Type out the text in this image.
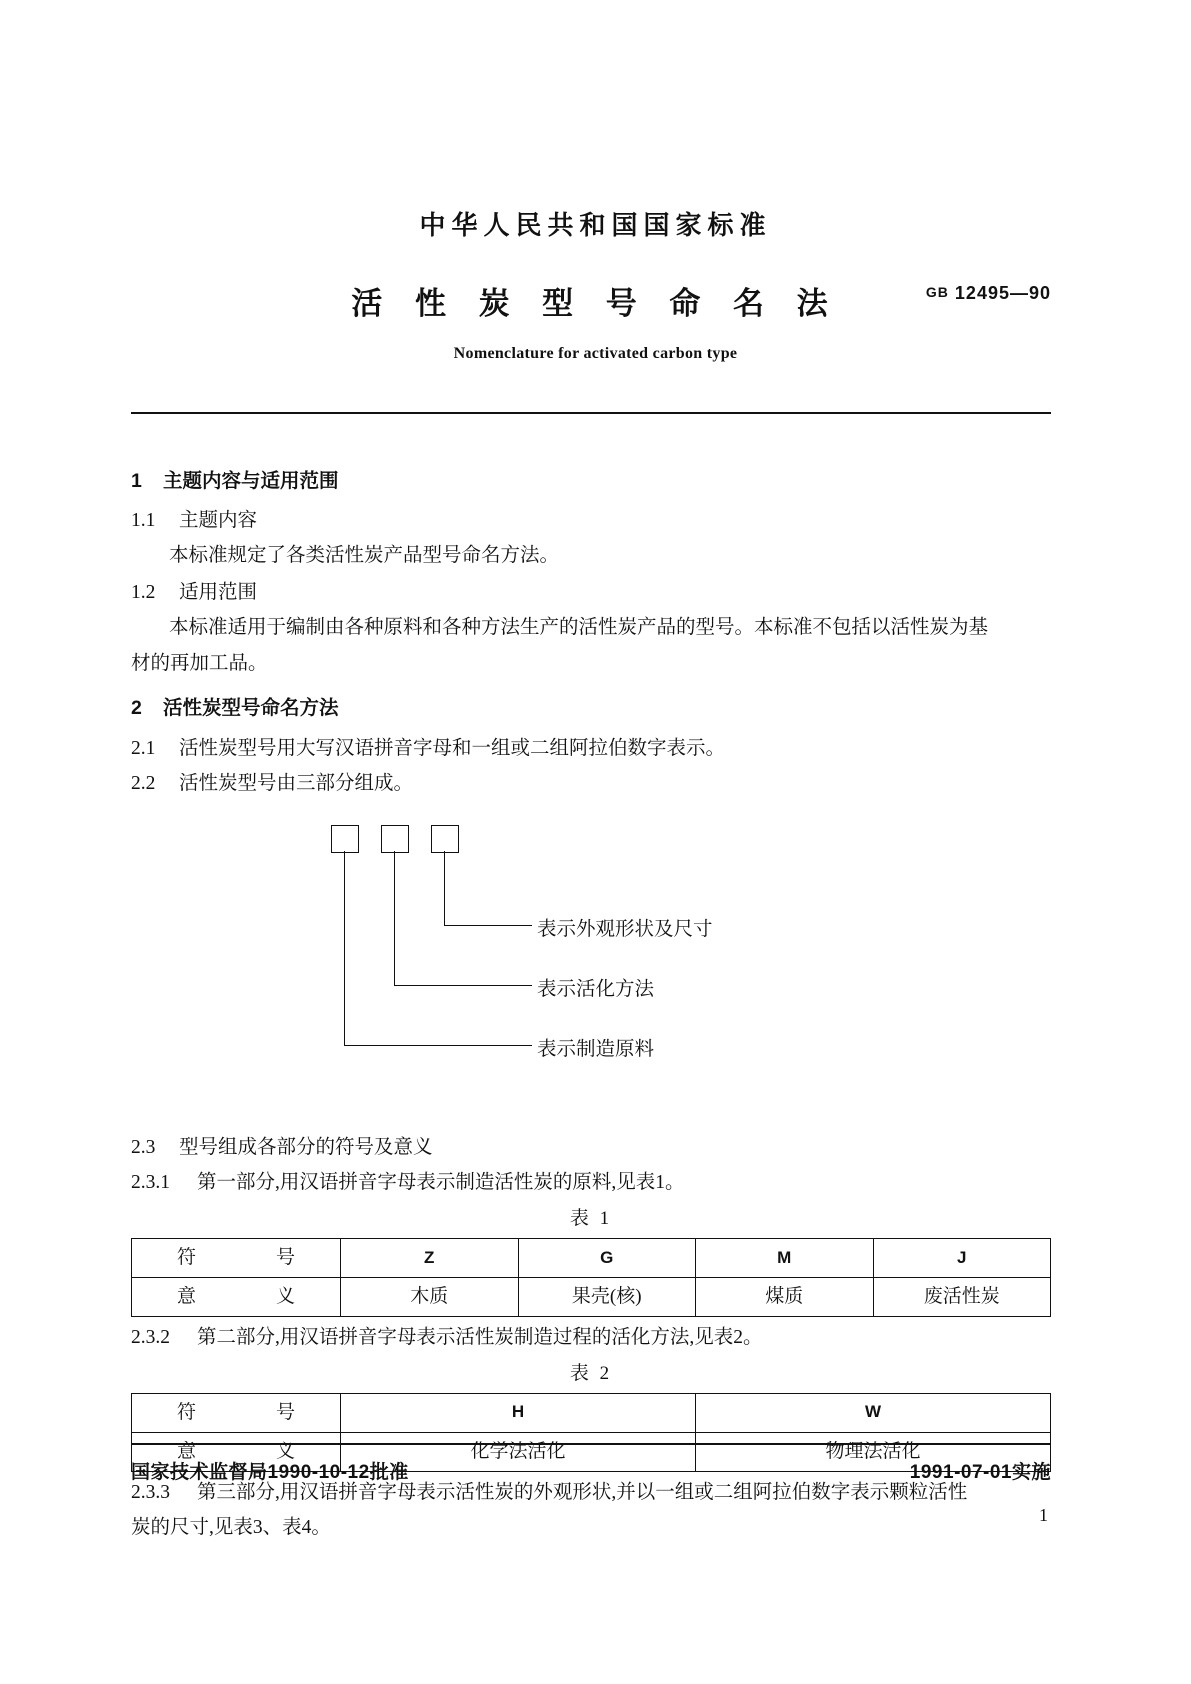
中华人民共和国国家标准
活 性 炭 型 号 命 名 法	GB 12495—90
Nomenclature for activated carbon type
1 主题内容与适用范围
1.1 主题内容
本标准规定了各类活性炭产品型号命名方法。
1.2 适用范围
本标准适用于编制由各种原料和各种方法生产的活性炭产品的型号。本标准不包括以活性炭为基
材的再加工品。
2 活性炭型号命名方法
2.1 活性炭型号用大写汉语拼音字母和一组或二组阿拉伯数字表示。
2.2 活性炭型号由三部分组成。
表示外观形状及尺寸
表示活化方法
表示制造原料
2.3 型号组成各部分的符号及意义
2.3.1 第一部分,用汉语拼音字母表示制造活性炭的原料,见表1。
表 1
符　　号	Z	G	M	J
意　　义	木质	果壳(核)	煤质	废活性炭
2.3.2 第二部分,用汉语拼音字母表示活性炭制造过程的活化方法,见表2。
表 2
符　　号	H	W
意　　义	化学法活化	物理法活化
2.3.3 第三部分,用汉语拼音字母表示活性炭的外观形状,并以一组或二组阿拉伯数字表示颗粒活性
炭的尺寸,见表3、表4。
国家技术监督局1990-10-12批准	1991-07-01实施
1
